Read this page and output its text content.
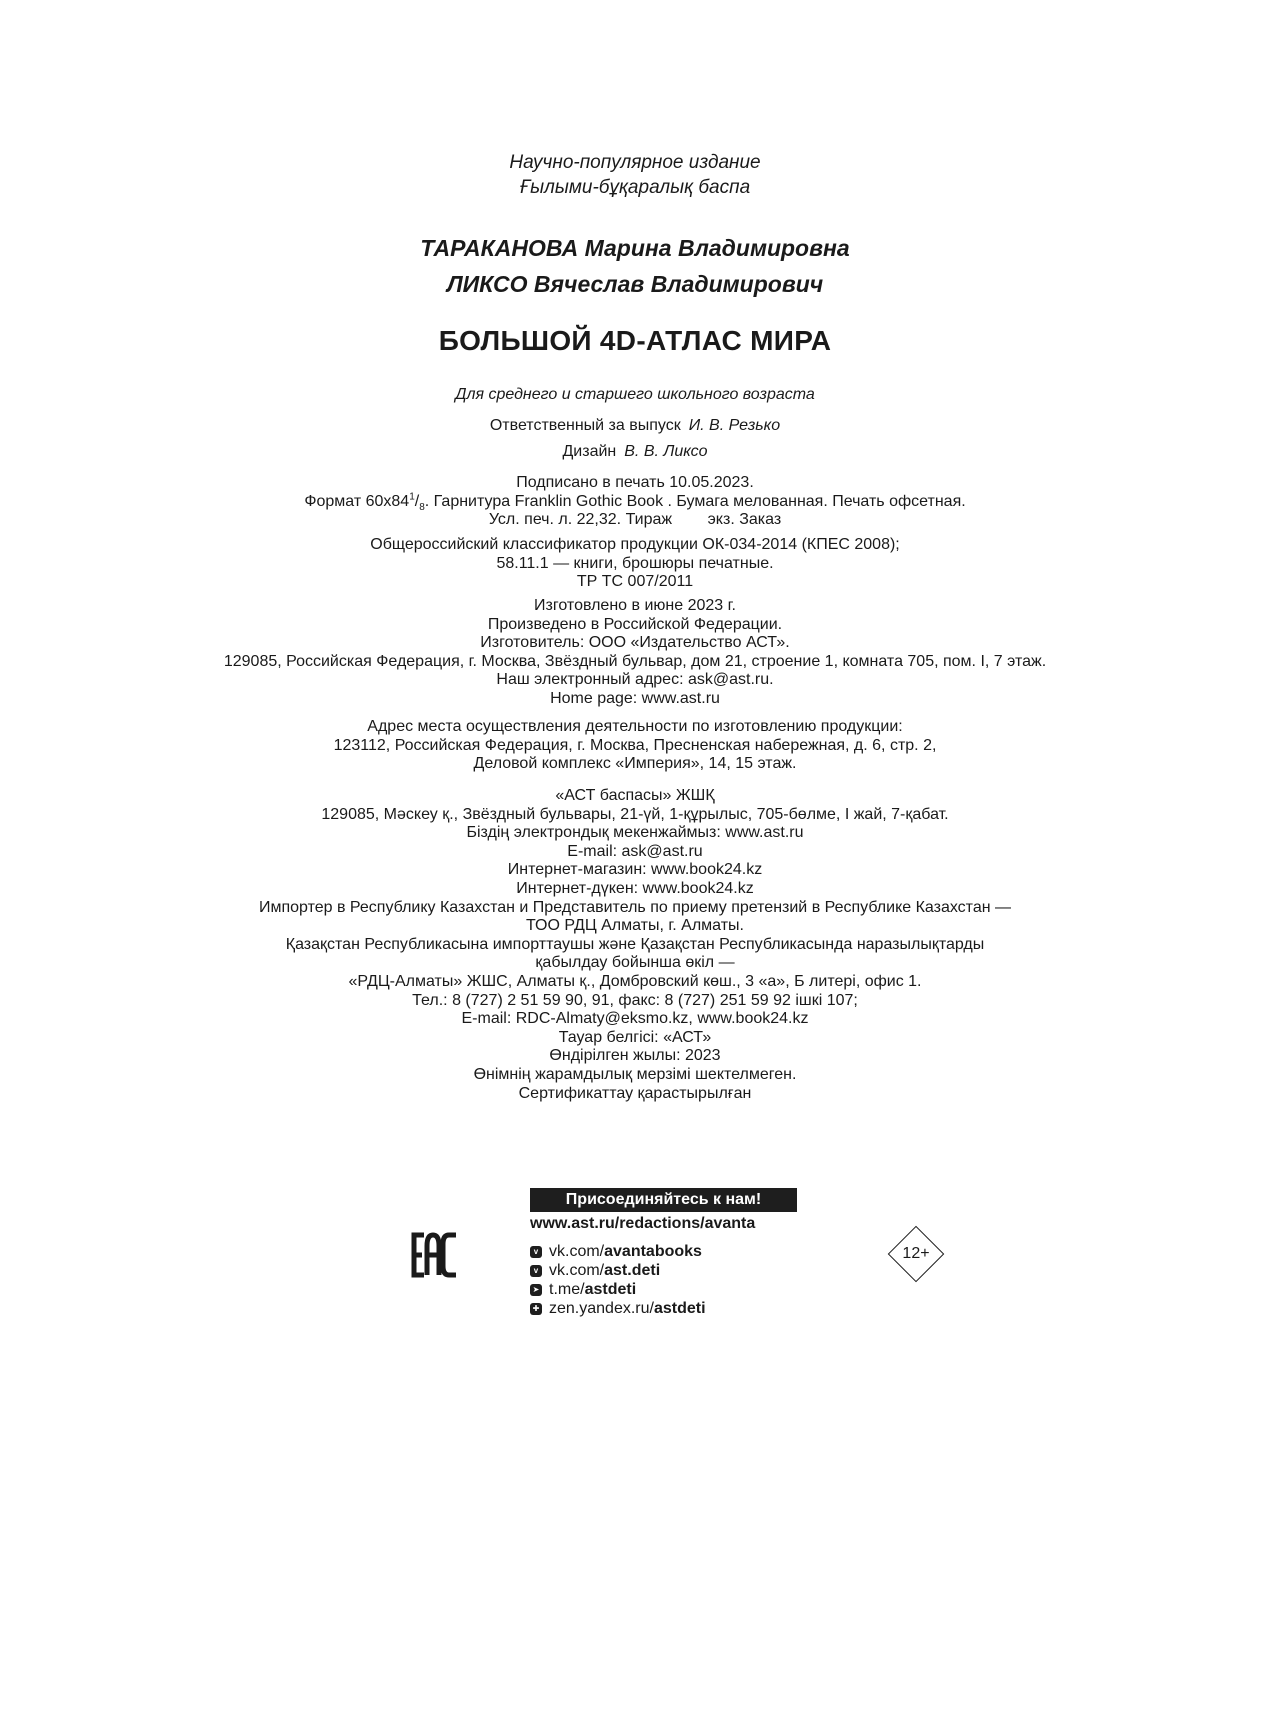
Научно-популярное издание
Ғылыми-бұқаралық баспа
ТАРАКАНОВА Марина Владимировна
ЛИКСО Вячеслав Владимирович
БОЛЬШОЙ 4D-АТЛАС МИРА
Для среднего и старшего школьного возраста
Ответственный за выпуск И. В. Резько
Дизайн В. В. Ликсо

Подписано в печать 10.05.2023.

Формат $60х84^1/_8$. Гарнитура Franklin Gothic Book . Бумага мелованная. Печать офсетная.

Усл. печ. л. 22,32. Тираж        экз. Заказ

Общероссийский классификатор продукции ОК-034-2014 (КПЕС 2008);

58.11.1 — книги, брошюры печатные.

ТР ТС 007/2011

Изготовлено в июне 2023 г.

Произведено в Российской Федерации.

Изготовитель: ООО «Издательство АСТ».

129085, Российская Федерация, г. Москва, Звёздный бульвар, дом 21, строение 1, комната 705, пом. I, 7 этаж.

Наш электронный адрес: ask@ast.ru.

Home page: www.ast.ru

Адрес места осуществления деятельности по изготовлению продукции:

123112, Российская Федерация, г. Москва, Пресненская набережная, д. 6, стр. 2,

Деловой комплекс «Империя», 14, 15 этаж.

«АСТ баспасы» ЖШҚ

129085, Мәскеу қ., Звёздный бульвары, 21-үй, 1-құрылыс, 705-бөлме, I жай, 7-қабат.

Біздің электрондық мекенжаймыз: www.ast.ru

E-mail: ask@ast.ru

Интернет-магазин: www.book24.kz

Интернет-дүкен: www.book24.kz

Импортер в Республику Казахстан и Представитель по приему претензий в Республике Казахстан —

ТОО РДЦ Алматы, г. Алматы.

Қазақстан Республикасына импорттаушы және Қазақстан Республикасында наразылықтарды

қабылдау бойынша өкіл —

«РДЦ-Алматы» ЖШС, Алматы қ., Домбровский көш., 3 «а», Б литері, офис 1.

Тел.: 8 (727) 2 51 59 90, 91, факс: 8 (727) 251 59 92 ішкі 107;

E-mail: RDC-Almaty@eksmo.kz, www.book24.kz

Тауар белгісі: «АСТ»

Өндірілген жылы: 2023

Өнімнің жарамдылық мерзімі шектелмеген.

Сертификаттау қарастырылған

Присоединяйтесь к нам!
www.ast.ru/redactions/avanta
v vk.com/ avantabooks
v vk.com/ ast.deti
➤ t.me/ astdeti
✚ zen.yandex.ru/ astdeti
12+
